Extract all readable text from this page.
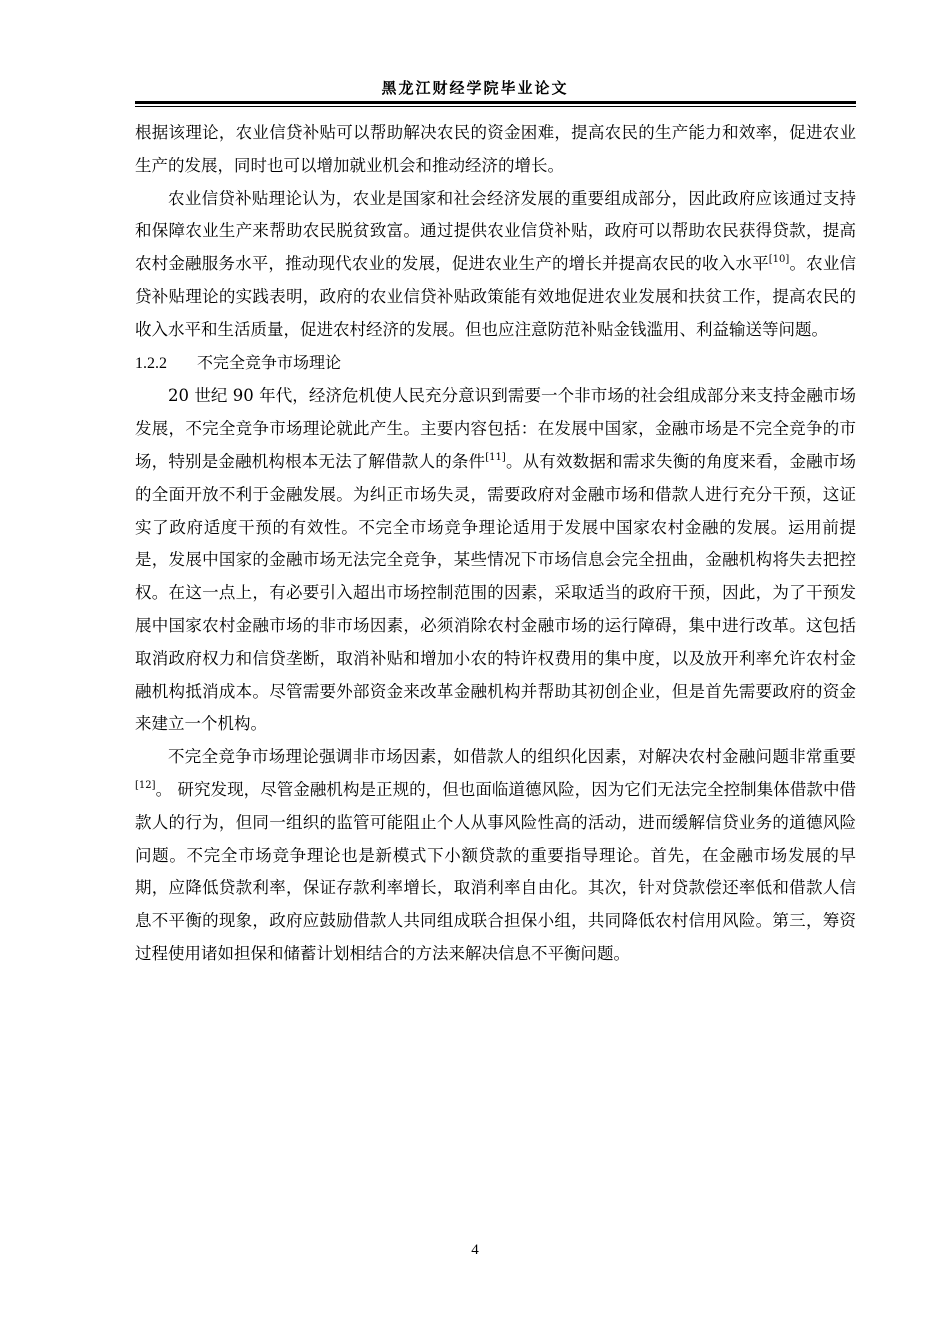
黑龙江财经学院毕业论文

根据该理论，农业信贷补贴可以帮助解决农民的资金困难，提高农民的生产能力和效率，促进农业生产的发展，同时也可以增加就业机会和推动经济的增长。

农业信贷补贴理论认为，农业是国家和社会经济发展的重要组成部分，因此政府应该通过支持和保障农业生产来帮助农民脱贫致富。通过提供农业信贷补贴，政府可以帮助农民获得贷款，提高农村金融服务水平，推动现代农业的发展，促进农业生产的增长并提高农民的收入水平[10]。农业信贷补贴理论的实践表明，政府的农业信贷补贴政策能有效地促进农业发展和扶贫工作，提高农民的收入水平和生活质量，促进农村经济的发展。但也应注意防范补贴金钱滥用、利益输送等问题。

1.2.2 不完全竞争市场理论

20 世纪 90 年代，经济危机使人民充分意识到需要一个非市场的社会组成部分来支持金融市场发展，不完全竞争市场理论就此产生。主要内容包括：在发展中国家，金融市场是不完全竞争的市场，特别是金融机构根本无法了解借款人的条件[11]。从有效数据和需求失衡的角度来看，金融市场的全面开放不利于金融发展。为纠正市场失灵，需要政府对金融市场和借款人进行充分干预，这证实了政府适度干预的有效性。不完全市场竞争理论适用于发展中国家农村金融的发展。运用前提是，发展中国家的金融市场无法完全竞争，某些情况下市场信息会完全扭曲，金融机构将失去把控权。在这一点上，有必要引入超出市场控制范围的因素，采取适当的政府干预，因此，为了干预发展中国家农村金融市场的非市场因素，必须消除农村金融市场的运行障碍，集中进行改革。这包括取消政府权力和信贷垄断，取消补贴和增加小农的特许权费用的集中度，以及放开利率允许农村金融机构抵消成本。尽管需要外部资金来改革金融机构并帮助其初创企业，但是首先需要政府的资金来建立一个机构。

不完全竞争市场理论强调非市场因素，如借款人的组织化因素，对解决农村金融问题非常重要[12]。 研究发现，尽管金融机构是正规的，但也面临道德风险，因为它们无法完全控制集体借款中借款人的行为，但同一组织的监管可能阻止个人从事风险性高的活动，进而缓解信贷业务的道德风险问题。不完全市场竞争理论也是新模式下小额贷款的重要指导理论。首先，在金融市场发展的早期，应降低贷款利率，保证存款利率增长，取消利率自由化。其次，针对贷款偿还率低和借款人信息不平衡的现象，政府应鼓励借款人共同组成联合担保小组，共同降低农村信用风险。第三，筹资过程使用诸如担保和储蓄计划相结合的方法来解决信息不平衡问题。

4
